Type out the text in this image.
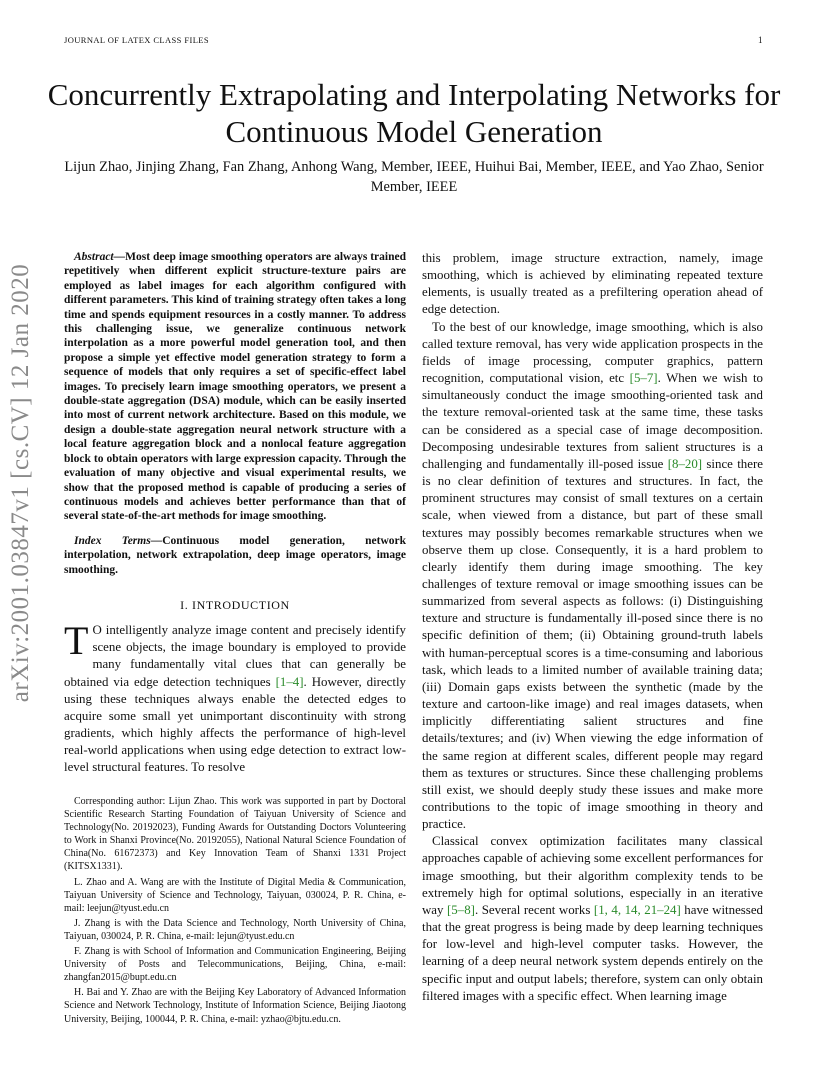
JOURNAL OF LATEX CLASS FILES	1
arXiv:2001.03847v1 [cs.CV] 12 Jan 2020
Concurrently Extrapolating and Interpolating Networks for Continuous Model Generation
Lijun Zhao, Jinjing Zhang, Fan Zhang, Anhong Wang, Member, IEEE, Huihui Bai, Member, IEEE, and Yao Zhao, Senior Member, IEEE

Abstract—Most deep image smoothing operators are always trained repetitively when different explicit structure-texture pairs are employed as label images for each algorithm configured with different parameters. This kind of training strategy often takes a long time and spends equipment resources in a costly manner. To address this challenging issue, we generalize continuous network interpolation as a more powerful model generation tool, and then propose a simple yet effective model generation strategy to form a sequence of models that only requires a set of specific-effect label images. To precisely learn image smoothing operators, we present a double-state aggregation (DSA) module, which can be easily inserted into most of current network architecture. Based on this module, we design a double-state aggregation neural network structure with a local feature aggregation block and a nonlocal feature aggregation block to obtain operators with large expression capacity. Through the evaluation of many objective and visual experimental results, we show that the proposed method is capable of producing a series of continuous models and achieves better performance than that of several state-of-the-art methods for image smoothing.

Index Terms—Continuous model generation, network interpolation, network extrapolation, deep image operators, image smoothing.

I. INTRODUCTION

T O intelligently analyze image content and precisely identify scene objects, the image boundary is employed to provide many fundamentally vital clues that can generally be obtained via edge detection techniques [1–4]. However, directly using these techniques always enable the detected edges to acquire some small yet unimportant discontinuity with strong gradients, which highly affects the performance of high-level real-world applications when using edge detection to extract low-level structural features. To resolve

Corresponding author: Lijun Zhao. This work was supported in part by Doctoral Scientific Research Starting Foundation of Taiyuan University of Science and Technology(No. 20192023), Funding Awards for Outstanding Doctors Volunteering to Work in Shanxi Province(No. 20192055), National Natural Science Foundation of China(No. 61672373) and Key Innovation Team of Shanxi 1331 Project (KITSX1331).

L. Zhao and A. Wang are with the Institute of Digital Media & Communication, Taiyuan University of Science and Technology, Taiyuan, 030024, P. R. China, e-mail: leejun@tyust.edu.cn

J. Zhang is with the Data Science and Technology, North University of China, Taiyuan, 030024, P. R. China, e-mail: lejun@tyust.edu.cn

F. Zhang is with School of Information and Communication Engineering, Beijing University of Posts and Telecommunications, Beijing, China, e-mail: zhangfan2015@bupt.edu.cn

H. Bai and Y. Zhao are with the Beijing Key Laboratory of Advanced Information Science and Network Technology, Institute of Information Science, Beijing Jiaotong University, Beijing, 100044, P. R. China, e-mail: yzhao@bjtu.edu.cn.

this problem, image structure extraction, namely, image smoothing, which is achieved by eliminating repeated texture elements, is usually treated as a prefiltering operation ahead of edge detection.

To the best of our knowledge, image smoothing, which is also called texture removal, has very wide application prospects in the fields of image processing, computer graphics, pattern recognition, computational vision, etc [5–7]. When we wish to simultaneously conduct the image smoothing-oriented task and the texture removal-oriented task at the same time, these tasks can be considered as a special case of image decomposition. Decomposing undesirable textures from salient structures is a challenging and fundamentally ill-posed issue [8–20] since there is no clear definition of textures and structures. In fact, the prominent structures may consist of small textures on a certain scale, when viewed from a distance, but part of these small textures may possibly becomes remarkable structures when we observe them up close. Consequently, it is a hard problem to clearly identify them during image smoothing. The key challenges of texture removal or image smoothing issues can be summarized from several aspects as follows: (i) Distinguishing texture and structure is fundamentally ill-posed since there is no specific definition of them; (ii) Obtaining ground-truth labels with human-perceptual scores is a time-consuming and laborious task, which leads to a limited number of available training data; (iii) Domain gaps exists between the synthetic (made by the texture and cartoon-like image) and real images datasets, when implicitly differentiating salient structures and fine details/textures; and (iv) When viewing the edge information of the same region at different scales, different people may regard them as textures or structures. Since these challenging problems still exist, we should deeply study these issues and make more contributions to the topic of image smoothing in theory and practice.

Classical convex optimization facilitates many classical approaches capable of achieving some excellent performances for image smoothing, but their algorithm complexity tends to be extremely high for optimal solutions, especially in an iterative way [5–8]. Several recent works [1, 4, 14, 21–24] have witnessed that the great progress is being made by deep learning techniques for low-level and high-level computer tasks. However, the learning of a deep neural network system depends entirely on the specific input and output labels; therefore, system can only obtain filtered images with a specific effect. When learning image
